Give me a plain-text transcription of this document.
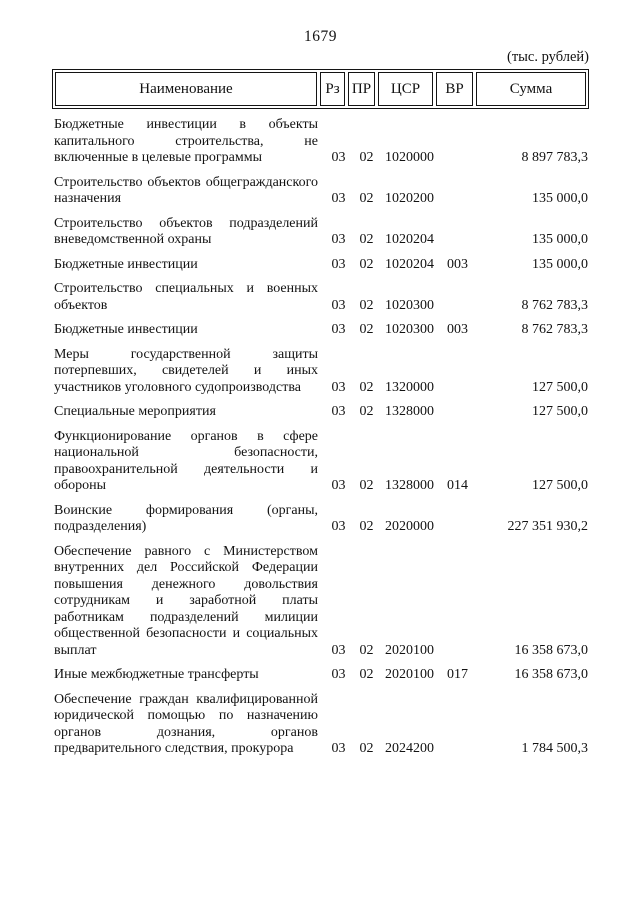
1679
(тыс. рублей)
Наименование	Рз ПР	ЦСР	ВР	Сумма
Бюджетные инвестиции в объекты капитального строительства, не включенные в целевые программы	03	02 1020000	8 897 783,3
Строительство объектов общегражданского назначения	03	02 1020200	135 000,0
Строительство объектов подразделений вневедомственной охраны	03	02 1020204	135 000,0
Бюджетные инвестиции	03	02 1020204 003	135 000,0
Строительство специальных и военных объектов	03	02 1020300	8 762 783,3
Бюджетные инвестиции	03	02 1020300 003	8 762 783,3
Меры государственной защиты потерпевших, свидетелей и иных участников уголовного судопроизводства	03	02 1320000	127 500,0
Специальные мероприятия	03	02 1328000	127 500,0
Функционирование органов в сфере национальной безопасности, правоохранительной деятельности и обороны	03	02 1328000 014	127 500,0
Воинские формирования (органы, подразделения)	03	02 2020000	227 351 930,2
Обеспечение равного с Министерством внутренних дел Российской Федерации повышения денежного довольствия сотрудникам и заработной платы работникам подразделений милиции общественной безопасности и социальных выплат	03	02 2020100	16 358 673,0
Иные межбюджетные трансферты	03	02 2020100 017	16 358 673,0
Обеспечение граждан квалифицированной юридической помощью по назначению органов дознания, органов предварительного следствия, прокурора	03	02 2024200	1 784 500,3
